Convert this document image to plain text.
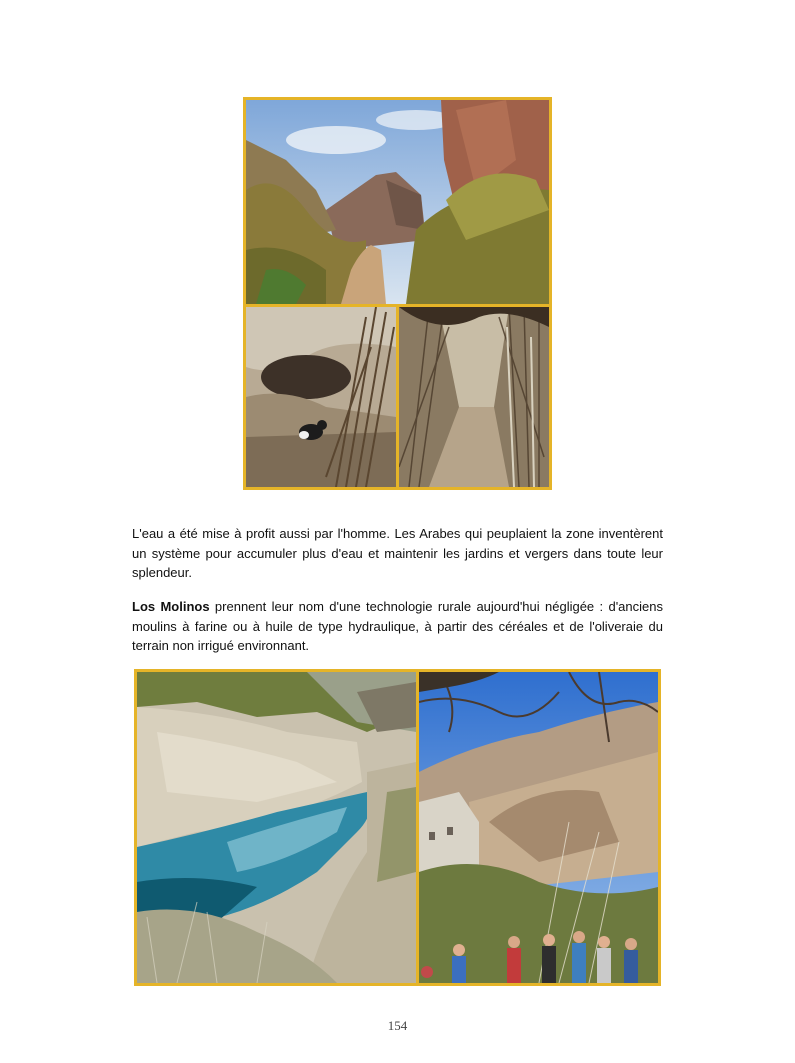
L'eau a été mise à profit aussi par l'homme. Les Arabes qui peuplaient la zone inventèrent un système pour accumuler plus d'eau et maintenir les jardins et vergers dans toute leur splendeur.
Los Molinos prennent leur nom d'une technologie rurale aujourd'hui négligée : d'anciens moulins à farine ou à huile de type hydraulique, à partir des céréales et de l'oliveraie du terrain non irrigué environnant.
154
